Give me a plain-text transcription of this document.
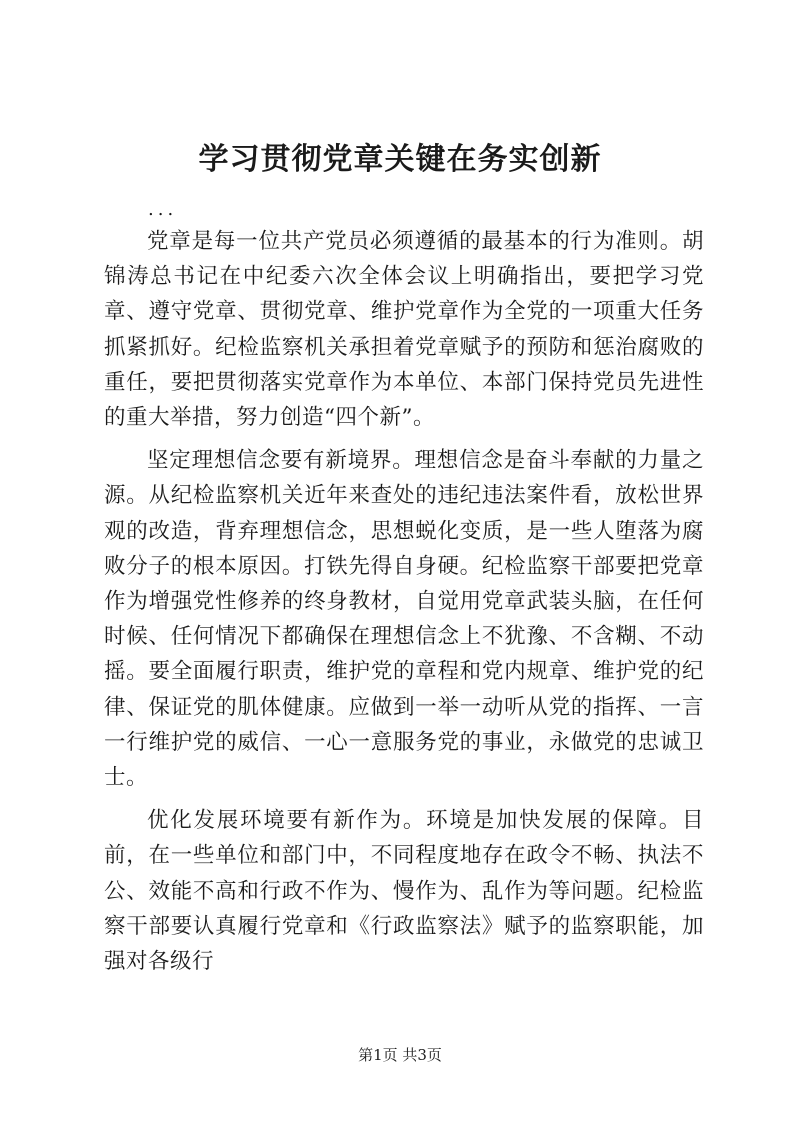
学习贯彻党章关键在务实创新

...

党章是每一位共产党员必须遵循的最基本的行为准则。胡锦涛总书记在中纪委六次全体会议上明确指出，要把学习党章、遵守党章、贯彻党章、维护党章作为全党的一项重大任务抓紧抓好。纪检监察机关承担着党章赋予的预防和惩治腐败的重任，要把贯彻落实党章作为本单位、本部门保持党员先进性的重大举措，努力创造“四个新”。

坚定理想信念要有新境界。理想信念是奋斗奉献的力量之源。从纪检监察机关近年来查处的违纪违法案件看，放松世界观的改造，背弃理想信念，思想蜕化变质，是一些人堕落为腐败分子的根本原因。打铁先得自身硬。纪检监察干部要把党章作为增强党性修养的终身教材，自觉用党章武装头脑，在任何时候、任何情况下都确保在理想信念上不犹豫、不含糊、不动摇。要全面履行职责，维护党的章程和党内规章、维护党的纪律、保证党的肌体健康。应做到一举一动听从党的指挥、一言一行维护党的威信、一心一意服务党的事业，永做党的忠诚卫士。

优化发展环境要有新作为。环境是加快发展的保障。目前，在一些单位和部门中，不同程度地存在政令不畅、执法不公、效能不高和行政不作为、慢作为、乱作为等问题。纪检监察干部要认真履行党章和《行政监察法》赋予的监察职能，加强对各级行

第1页 共3页
